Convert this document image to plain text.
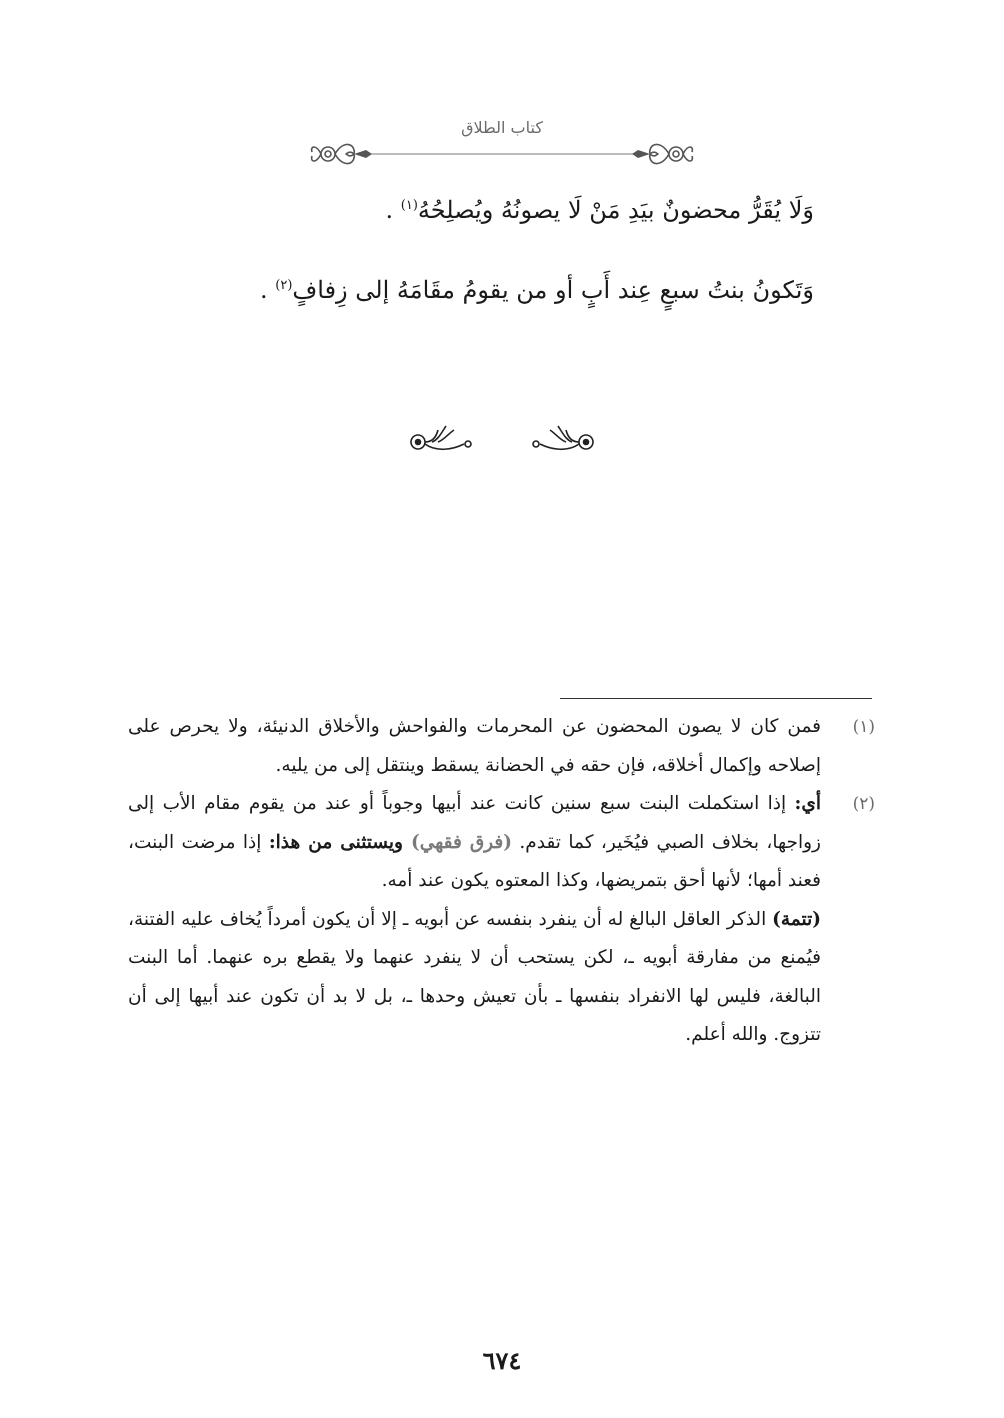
كتاب الطلاق
وَلَا يُقَرُّ محضونٌ بيَدِ مَنْ لَا يصونُهُ ويُصلِحُهُ$^{(١)}$ .
وَتَكونُ بنتُ سبعٍ عِند أَبٍ أو من يقومُ مقَامَهُ إلى زِفافٍ$^{(٢)}$ .
(١)
فمن كان لا يصون المحضون عن المحرمات والفواحش والأخلاق الدنيئة، ولا يحرص على إصلاحه وإكمال أخلاقه، فإن حقه في الحضانة يسقط وينتقل إلى من يليه.
(٢)
أي: إذا استكملت البنت سبع سنين كانت عند أبيها وجوباً أو عند من يقوم مقام الأب إلى زواجها، بخلاف الصبي فيُخَير، كما تقدم. (فرق فقهي) ويستثنى من هذا: إذا مرضت البنت، فعند أمها؛ لأنها أحق بتمريضها، وكذا المعتوه يكون عند أمه.
(تتمة) الذكر العاقل البالغ له أن ينفرد بنفسه عن أبويه ـ إلا أن يكون أمرداً يُخاف عليه الفتنة، فيُمنع من مفارقة أبويه ـ، لكن يستحب أن لا ينفرد عنهما ولا يقطع بره عنهما. أما البنت البالغة، فليس لها الانفراد بنفسها ـ بأن تعيش وحدها ـ، بل لا بد أن تكون عند أبيها إلى أن تتزوج. والله أعلم.
٦٧٤
